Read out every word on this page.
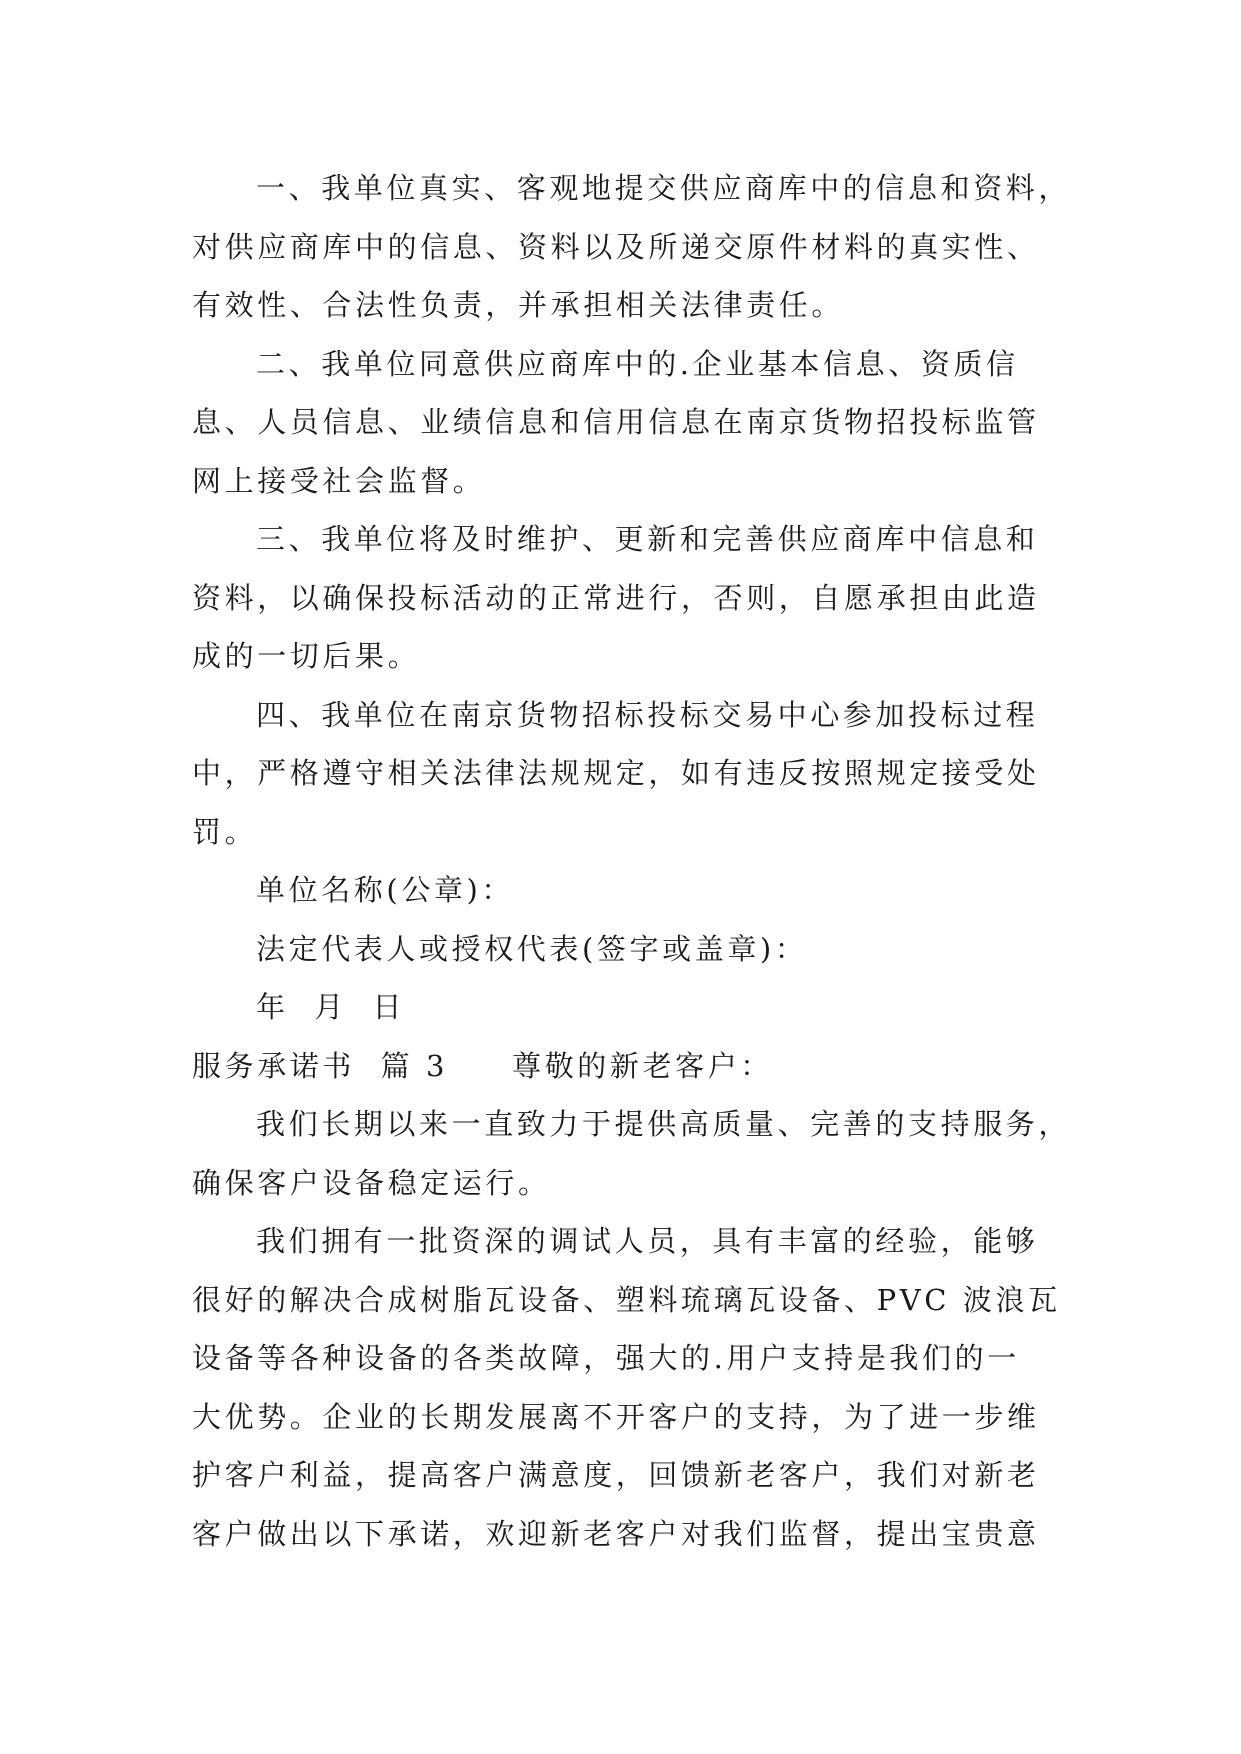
一、我单位真实、客观地提交供应商库中的信息和资料，

对供应商库中的信息、资料以及所递交原件材料的真实性、

有效性、合法性负责，并承担相关法律责任。

二、我单位同意供应商库中的.企业基本信息、资质信

息、人员信息、业绩信息和信用信息在南京货物招投标监管

网上接受社会监督。

三、我单位将及时维护、更新和完善供应商库中信息和

资料，以确保投标活动的正常进行，否则，自愿承担由此造

成的一切后果。

四、我单位在南京货物招标投标交易中心参加投标过程

中，严格遵守相关法律法规规定，如有违反按照规定接受处

罚。

单位名称(公章)：

法定代表人或授权代表(签字或盖章)：

年  月  日

服务承诺书  篇 3 尊敬的新老客户：

我们长期以来一直致力于提供高质量、完善的支持服务，

确保客户设备稳定运行。

我们拥有一批资深的调试人员，具有丰富的经验，能够

很好的解决合成树脂瓦设备、塑料琉璃瓦设备、PVC 波浪瓦

设备等各种设备的各类故障，强大的.用户支持是我们的一

大优势。企业的长期发展离不开客户的支持，为了进一步维

护客户利益，提高客户满意度，回馈新老客户，我们对新老

客户做出以下承诺，欢迎新老客户对我们监督，提出宝贵意
